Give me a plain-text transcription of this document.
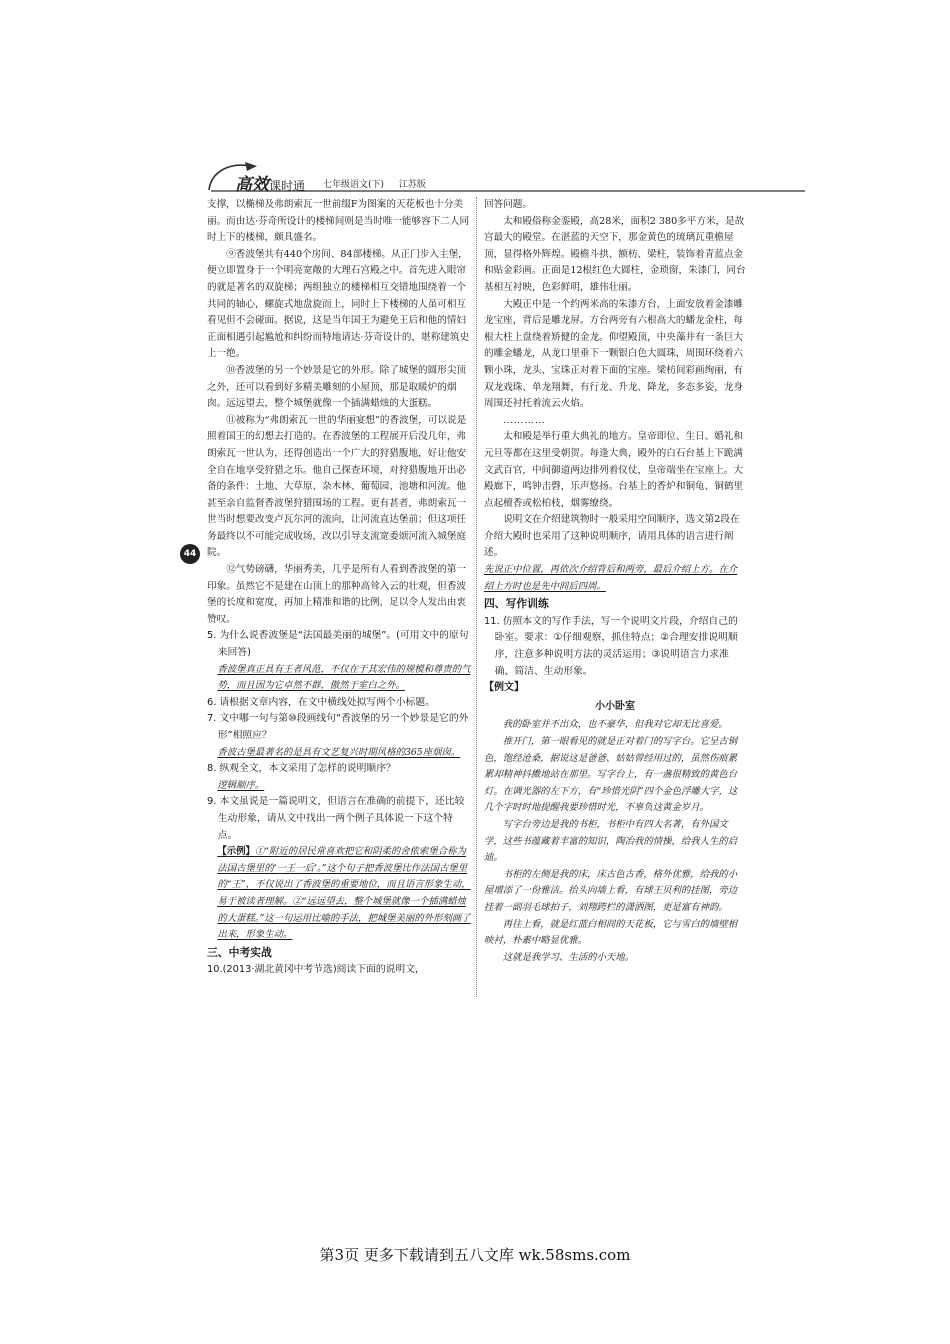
高效课时通 七年级语文(下) 江苏版
44

支撑，以椭梯及弗朗索瓦一世前缀F为图案的天花板也十分美丽。而由达·芬奇所设计的楼梯间则是当时唯一能够容下二人同时上下的楼梯，颇具盛名。

⑨香波堡共有440个房间、84部楼梯。从正门步入主堡，便立即置身于一个明亮宽敞的大理石宫殿之中。首先进入眼帘的就是著名的双旋梯；两组独立的楼梯相互交错地围绕着一个共同的轴心，螺旋式地盘旋而上，同时上下楼梯的人虽可相互看见但不会碰面。据说，这是当年国王为避免王后和他的情妇正面相遇引起尴尬和纠纷而特地请达·芬奇设计的，堪称建筑史上一绝。

⑩香波堡的另一个妙景是它的外形。除了城堡的圆形尖顶之外，还可以看到好多精美雕刻的小屋顶，那是取暖炉的烟囱。远远望去，整个城堡就像一个插满蜡烛的大蛋糕。

⑪被称为“弗朗索瓦一世的华丽宴想”的香波堡，可以说是照着国王的幻想去打造的。在香波堡的工程展开后没几年，弗朗索瓦一世认为，还得创造出一个广大的狩猎腹地，好让他安全自在地享受狩猎之乐。他自己探查环境，对狩猎腹地开出必备的条件：土地、大草原、杂木林、葡萄园、池塘和河流。他甚至亲自监督香波堡狩猎围场的工程。更有甚者，弗朗索瓦一世当时想要改变卢瓦尔河的流向，让河流直达堡前；但这项任务最终以不可能完成收场，改以引导支流宽委颂河流入城堡庭院。

⑫气势磅礴，华丽秀美，几乎是所有人看到香波堡的第一印象。虽然它不是建在山顶上的那种高耸入云的壮观，但香波堡的长度和宽度，再加上精准和谐的比例，足以令人发出由衷赞叹。

5. 为什么说香波堡是“法国最美丽的城堡”。(可用文中的原句来回答)

香波堡真正具有王者风范，不仅在于其宏伟的规模和尊贵的气势，而且因为它卓然不群，傲然于室白之外。

6. 请根据文章内容，在文中横线处拟写两个小标题。

7. 文中哪一句与第⑩段画线句“香波堡的另一个妙景是它的外形”相照应？

香波古堡最著名的是具有文艺复兴时期风格的365座烟囱。

8. 纵观全文，本文采用了怎样的说明顺序？

逻辑顺序。

9. 本文虽说是一篇说明文，但语言在准确的前提下，还比较生动形象，请从文中找出一两个例子具体说一下这个特点。

【示例】①“附近的居民常喜欢把它和阴柔的舍侬索堡合称为法国古堡里的‘一王一后’。”这个句子把香波堡比作法国古堡里的“王”，不仅说出了香波堡的重要地位，而且语言形象生动，易于被读者理解。②“远远望去，整个城堡就像一个插满蜡烛的大蛋糕。”这一句运用比喻的手法，把城堡美丽的外形刻画了出来，形象生动。

三、中考实战

10.(2013·湖北黄冈中考节选)阅读下面的说明文，

回答问题。

太和殿俗称金銮殿，高28米，面积2 380多平方米，是故宫最大的殿堂。在湛蓝的天空下，那金黄色的琉璃瓦重檐屋顶，显得格外辉煌。殿檐斗拱、额枋、梁柱，装饰着青蓝点金和贴金彩画。正面是12根红色大圆柱，金琐窗，朱漆门，同台基相互衬映，色彩鲜明，雄伟壮丽。

大殿正中是一个约两米高的朱漆方台，上面安放着金漆雕龙宝座，背后是雕龙屏。方台两旁有六根高大的蟠龙金柱，每根大柱上盘绕着矫健的金龙。仰望殿顶，中央藻井有一条巨大的雕金蟠龙，从龙口里垂下一颗银白色大圆珠，周围环绕着六颗小珠，龙头、宝珠正对着下面的宝座。梁枋间彩画绚丽，有双龙戏珠、单龙翔舞，有行龙、升龙、降龙，多态多姿，龙身周围还衬托着流云火焰。

…………

太和殿是举行重大典礼的地方。皇帝即位、生日、婚礼和元旦等都在这里受朝贺。每逢大典，殿外的白石台基上下跪满文武百官，中间御道两边排列着仪仗，皇帝端坐在宝座上。大殿廊下，鸣钟击磬，乐声悠扬。台基上的香炉和铜龟、铜鹤里点起檀香或松柏枝，烟雾缭绕。

说明文在介绍建筑物时一般采用空间顺序，选文第2段在介绍大殿时也采用了这种说明顺序，请用具体的语言进行阐述。

先说正中位置，再依次介绍背后和两旁，最后介绍上方。在介绍上方时也是先中间后四周。

四、写作训练

11. 仿照本文的写作手法，写一个说明文片段，介绍自己的卧室。要求：①仔细观察，抓住特点；②合理安排说明顺序，注意多种说明方法的灵活运用；③说明语言力求准确、简洁、生动形象。

【例文】

小小卧室

我的卧室并不出众，也不豪华，但我对它却无比喜爱。

推开门，第一眼看见的就是正对着门的写字台。它呈古铜色，饱经沧桑，据说这是爸爸、姑姑曾经用过的，虽然伤痕累累却精神抖擞地站在那里。写字台上，有一盏很精致的黄色台灯。在调光器的左下方，有“珍惜光阴”四个金色浮雕大字，这几个字时时地提醒我要珍惜时光，不辜负这黄金岁月。

写字台旁边是我的书柜，书柜中有四大名著，有外国文学，这些书蕴藏着丰富的知识，陶冶我的情操，给我人生的启迪。

书柜的左侧是我的床，床古色古香，格外优雅，给我的小屋增添了一份雅洁。抬头向墙上看，有球王贝利的挂图，旁边挂着一副羽毛球拍子，刘翔跨栏的潇洒图，更是富有神韵。

再往上看，就是红蓝白相间的天花板，它与雪白的墙壁相映衬，朴素中略显优雅。

这就是我学习、生活的小天地。

第3页 更多下载请到五八文库 wk.58sms.com
